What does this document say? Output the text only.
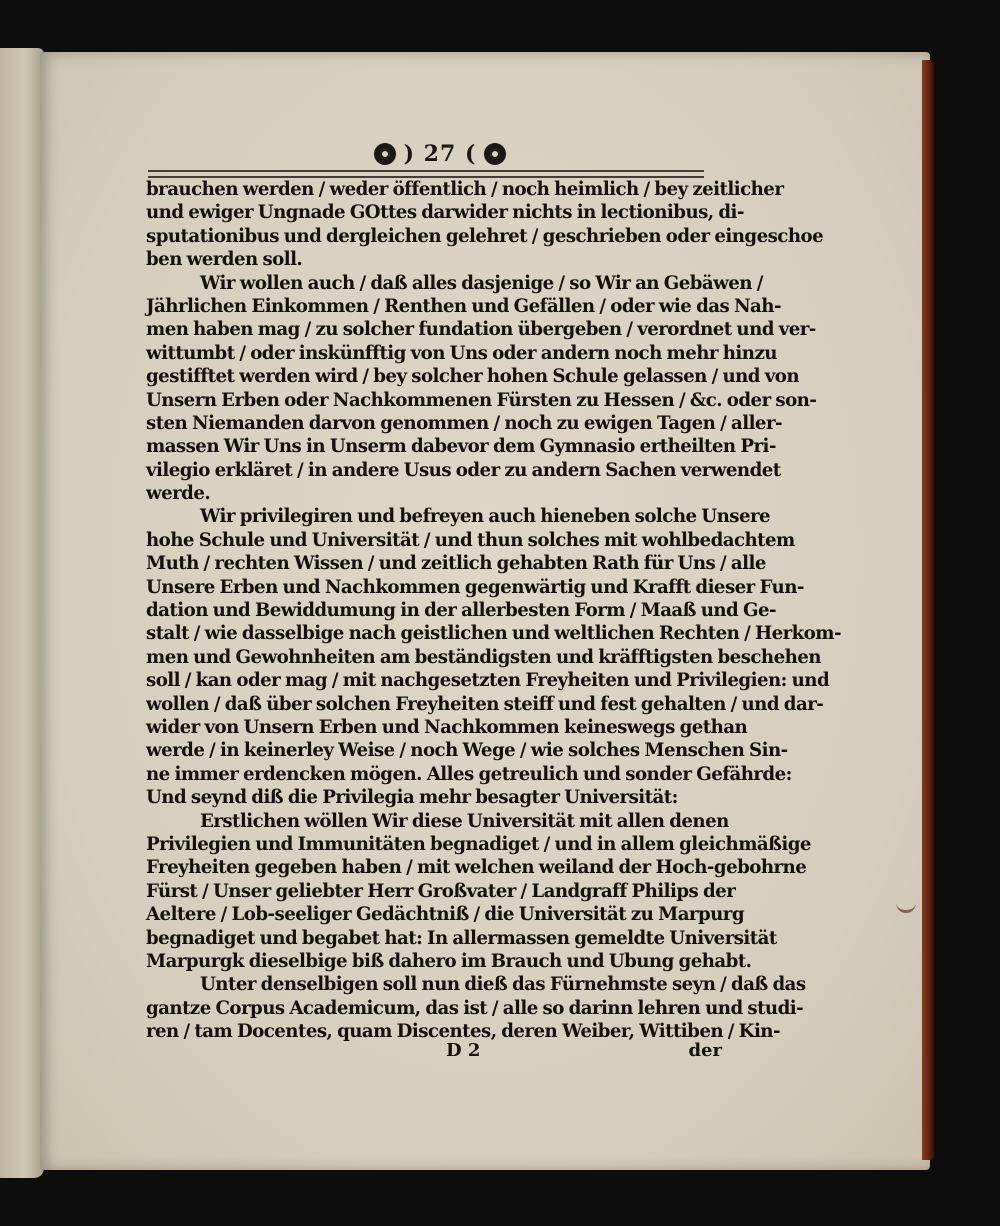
) 27 (
brauchen werden / weder öffentlich / noch heimlich / bey zeitlicher
und ewiger Ungnade GOttes darwider nichts in lectionibus, di-
sputationibus und dergleichen gelehret / geschrieben oder eingeschoe
ben werden soll.
Wir wollen auch / daß alles dasjenige / so Wir an Gebäwen /
Jährlichen Einkommen / Renthen und Gefällen / oder wie das Nah-
men haben mag / zu solcher fundation übergeben / verordnet und ver-
wittumbt / oder inskünfftig von Uns oder andern noch mehr hinzu
gestifftet werden wird / bey solcher hohen Schule gelassen / und von
Unsern Erben oder Nachkommenen Fürsten zu Hessen / &c. oder son-
sten Niemanden darvon genommen / noch zu ewigen Tagen / aller-
massen Wir Uns in Unserm dabevor dem Gymnasio ertheilten Pri-
vilegio erkläret / in andere Usus oder zu andern Sachen verwendet
werde.
Wir privilegiren und befreyen auch hieneben solche Unsere
hohe Schule und Universität / und thun solches mit wohlbedachtem
Muth / rechten Wissen / und zeitlich gehabten Rath für Uns / alle
Unsere Erben und Nachkommen gegenwärtig und Krafft dieser Fun-
dation und Bewiddumung in der allerbesten Form / Maaß und Ge-
stalt / wie dasselbige nach geistlichen und weltlichen Rechten / Herkom-
men und Gewohnheiten am beständigsten und kräfftigsten beschehen
soll / kan oder mag / mit nachgesetzten Freyheiten und Privilegien: und
wollen / daß über solchen Freyheiten steiff und fest gehalten / und dar-
wider von Unsern Erben und Nachkommen keineswegs gethan
werde / in keinerley Weise / noch Wege / wie solches Menschen Sin-
ne immer erdencken mögen. Alles getreulich und sonder Gefährde:
Und seynd diß die Privilegia mehr besagter Universität:
Erstlichen wöllen Wir diese Universität mit allen denen
Privilegien und Immunitäten begnadiget / und in allem gleichmäßige
Freyheiten gegeben haben / mit welchen weiland der Hoch-gebohrne
Fürst / Unser geliebter Herr Großvater / Landgraff Philips der
Aeltere / Lob-seeliger Gedächtniß / die Universität zu Marpurg
begnadiget und begabet hat: In allermassen gemeldte Universität
Marpurgk dieselbige biß dahero im Brauch und Ubung gehabt.
Unter denselbigen soll nun dieß das Fürnehmste seyn / daß das
gantze Corpus Academicum, das ist / alle so darinn lehren und studi-
ren / tam Docentes, quam Discentes, deren Weiber, Wittiben / Kin-
D 2	der
